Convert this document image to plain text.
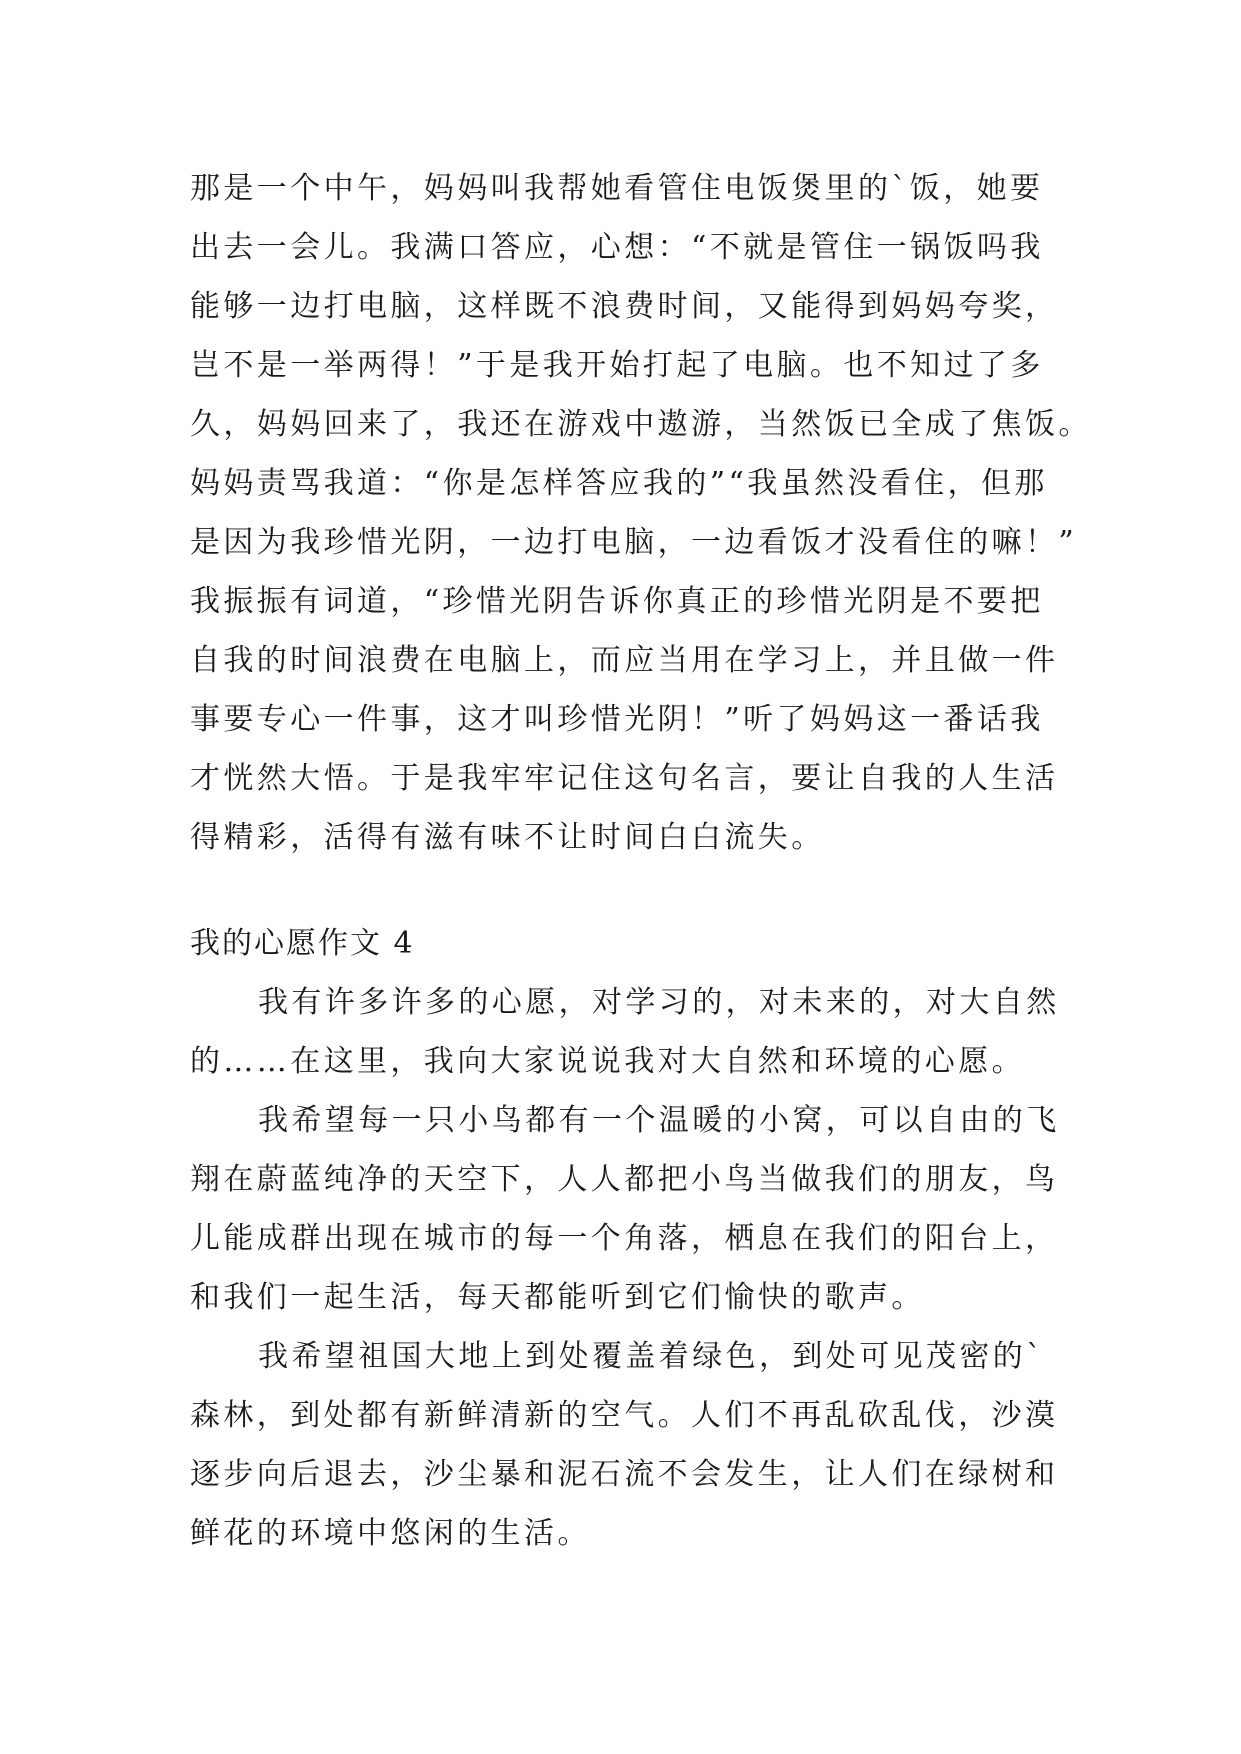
那是一个中午，妈妈叫我帮她看管住电饭煲里的`饭，她要
出去一会儿。我满口答应，心想：“不就是管住一锅饭吗我
能够一边打电脑，这样既不浪费时间，又能得到妈妈夸奖，
岂不是一举两得！”于是我开始打起了电脑。也不知过了多
久，妈妈回来了，我还在游戏中遨游，当然饭已全成了焦饭。
妈妈责骂我道：“你是怎样答应我的”“我虽然没看住，但那
是因为我珍惜光阴，一边打电脑，一边看饭才没看住的嘛！”
我振振有词道，“珍惜光阴告诉你真正的珍惜光阴是不要把
自我的时间浪费在电脑上，而应当用在学习上，并且做一件
事要专心一件事，这才叫珍惜光阴！”听了妈妈这一番话我
才恍然大悟。于是我牢牢记住这句名言，要让自我的人生活
得精彩，活得有滋有味不让时间白白流失。
我的心愿作文 4
我有许多许多的心愿，对学习的，对未来的，对大自然
的……在这里，我向大家说说我对大自然和环境的心愿。
我希望每一只小鸟都有一个温暖的小窝，可以自由的飞
翔在蔚蓝纯净的天空下，人人都把小鸟当做我们的朋友，鸟
儿能成群出现在城市的每一个角落，栖息在我们的阳台上，
和我们一起生活，每天都能听到它们愉快的歌声。
我希望祖国大地上到处覆盖着绿色，到处可见茂密的`
森林，到处都有新鲜清新的空气。人们不再乱砍乱伐，沙漠
逐步向后退去，沙尘暴和泥石流不会发生，让人们在绿树和
鲜花的环境中悠闲的生活。
